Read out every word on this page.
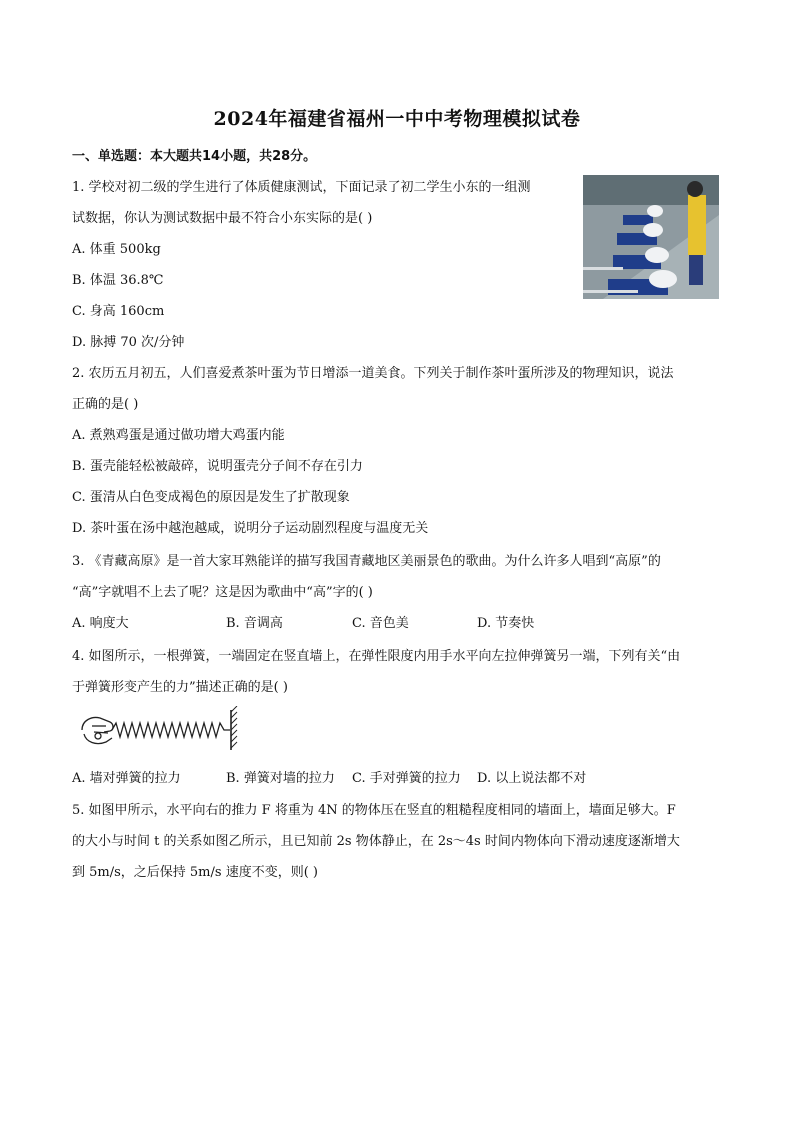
2024年福建省福州一中中考物理模拟试卷
一、单选题：本大题共14小题，共28分。
1. 学校对初二级的学生进行了体质健康测试，下面记录了初二学生小东的一组测
试数据，你认为测试数据中最不符合小东实际的是( )
A. 体重 500kg
B. 体温 36.8℃
C. 身高 160cm
D. 脉搏 70 次/分钟
2. 农历五月初五，人们喜爱煮茶叶蛋为节日增添一道美食。下列关于制作茶叶蛋所涉及的物理知识，说法
正确的是( )
A. 煮熟鸡蛋是通过做功增大鸡蛋内能
B. 蛋壳能轻松被敲碎，说明蛋壳分子间不存在引力
C. 蛋清从白色变成褐色的原因是发生了扩散现象
D. 茶叶蛋在汤中越泡越咸，说明分子运动剧烈程度与温度无关
3. 《青藏高原》是一首大家耳熟能详的描写我国青藏地区美丽景色的歌曲。为什么许多人唱到“高原”的
“高”字就唱不上去了呢？这是因为歌曲中“高”字的( )
A. 响度大	B. 音调高	C. 音色美	D. 节奏快
4. 如图所示，一根弹簧，一端固定在竖直墙上，在弹性限度内用手水平向左拉伸弹簧另一端，下列有关“由
于弹簧形变产生的力”描述正确的是( )
A. 墙对弹簧的拉力	B. 弹簧对墙的拉力 C. 手对弹簧的拉力 D. 以上说法都不对
5. 如图甲所示，水平向右的推力 F 将重为 4N 的物体压在竖直的粗糙程度相同的墙面上，墙面足够大。F
的大小与时间 t 的关系如图乙所示，且已知前 2s 物体静止，在 2s～4s 时间内物体向下滑动速度逐渐增大
到 5m/s，之后保持 5m/s 速度不变，则( )
